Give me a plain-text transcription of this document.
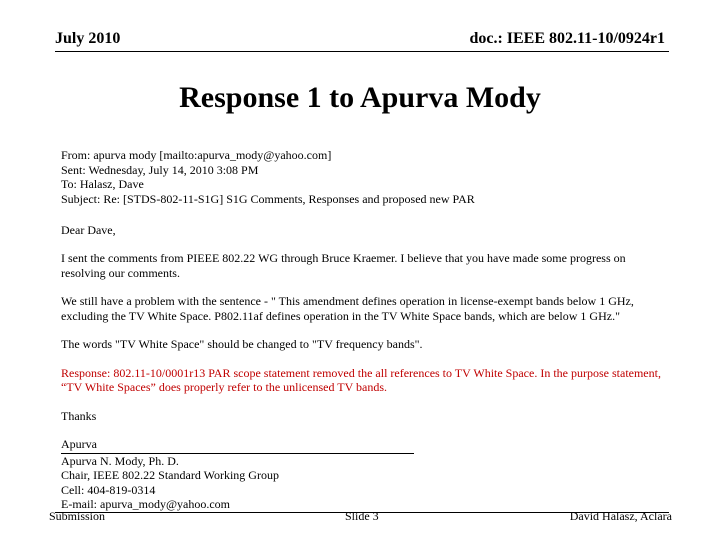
July 2010	doc.: IEEE 802.11-10/0924r1
Response 1 to Apurva Mody
From: apurva mody [mailto:apurva_mody@yahoo.com]
Sent: Wednesday, July 14, 2010 3:08 PM
To: Halasz, Dave
Subject: Re: [STDS-802-11-S1G] S1G Comments, Responses and proposed new PAR
Dear Dave,
I sent the comments from PIEEE 802.22 WG through Bruce Kraemer. I believe that you have made some progress on
resolving our comments.
We still have a problem with the sentence - " This amendment defines operation in license-exempt bands below 1 GHz,
excluding the TV White Space. P802.11af defines operation in the TV White Space bands, which are below 1 GHz."
The words "TV White Space" should be changed to "TV frequency bands".
Response: 802.11-10/0001r13 PAR scope statement removed the all references to TV White Space. In the purpose statement,
“TV White Spaces” does properly refer to the unlicensed TV bands.
Thanks
Apurva
Apurva N. Mody, Ph. D.
Chair, IEEE 802.22 Standard Working Group
Cell: 404-819-0314
E-mail: apurva_mody@yahoo.com
Submission	Slide 3	David Halasz, Aclara
